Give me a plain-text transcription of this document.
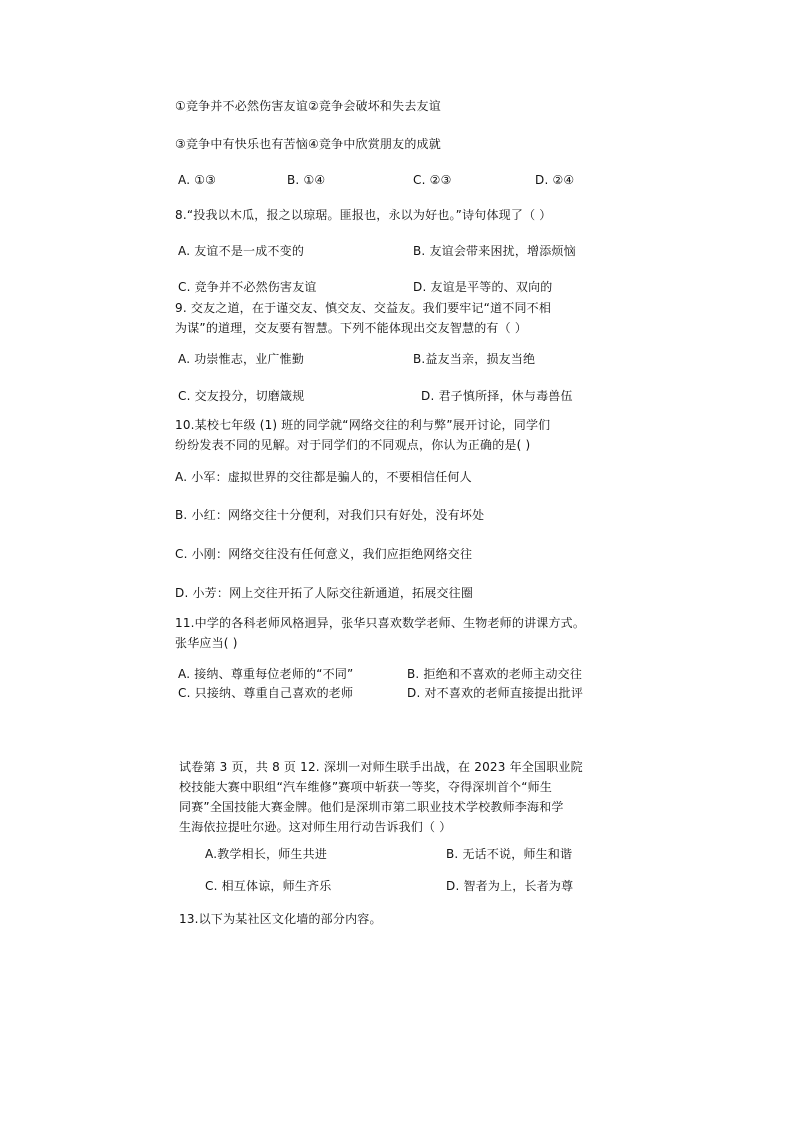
①竞争并不必然伤害友谊②竞争会破坏和失去友谊
③竞争中有快乐也有苦恼④竞争中欣赏朋友的成就
A. ①③	B. ①④	C. ②③	D. ②④
8.“投我以木瓜，报之以琼琚。匪报也，永以为好也。”诗句体现了（ ）
A. 友谊不是一成不变的	B. 友谊会带来困扰，增添烦恼
C. 竞争并不必然伤害友谊	D. 友谊是平等的、双向的
9. 交友之道，在于谨交友、慎交友、交益友。我们要牢记“道不同不相
为谋”的道理，交友要有智慧。下列不能体现出交友智慧的有（ ）
A. 功崇惟志，业广惟勤	B.益友当亲，损友当绝
C. 交友投分，切磨箴规	D. 君子慎所择，休与毒兽伍
10.某校七年级 (1) 班的同学就“网络交往的利与弊”展开讨论，同学们
纷纷发表不同的见解。对于同学们的不同观点，你认为正确的是( )
A. 小军：虚拟世界的交往都是骗人的，不要相信任何人
B. 小红：网络交往十分便利，对我们只有好处，没有坏处
C. 小刚：网络交往没有任何意义，我们应拒绝网络交往
D. 小芳：网上交往开拓了人际交往新通道，拓展交往圈
11.中学的各科老师风格迥异，张华只喜欢数学老师、生物老师的讲课方式。
张华应当( )
A. 接纳、尊重每位老师的“不同”	B. 拒绝和不喜欢的老师主动交往
C. 只接纳、尊重自己喜欢的老师	D. 对不喜欢的老师直接提出批评
试卷第 3 页，共 8 页 12. 深圳一对师生联手出战，在 2023 年全国职业院
校技能大赛中职组“汽车维修”赛项中斩获一等奖，夺得深圳首个“师生
同赛”全国技能大赛金牌。他们是深圳市第二职业技术学校教师李海和学
生海依拉提吐尔逊。这对师生用行动告诉我们（ ）
A.教学相长，师生共进	B. 无话不说，师生和谐
C. 相互体谅，师生齐乐	D. 智者为上，长者为尊
13.以下为某社区文化墙的部分内容。
